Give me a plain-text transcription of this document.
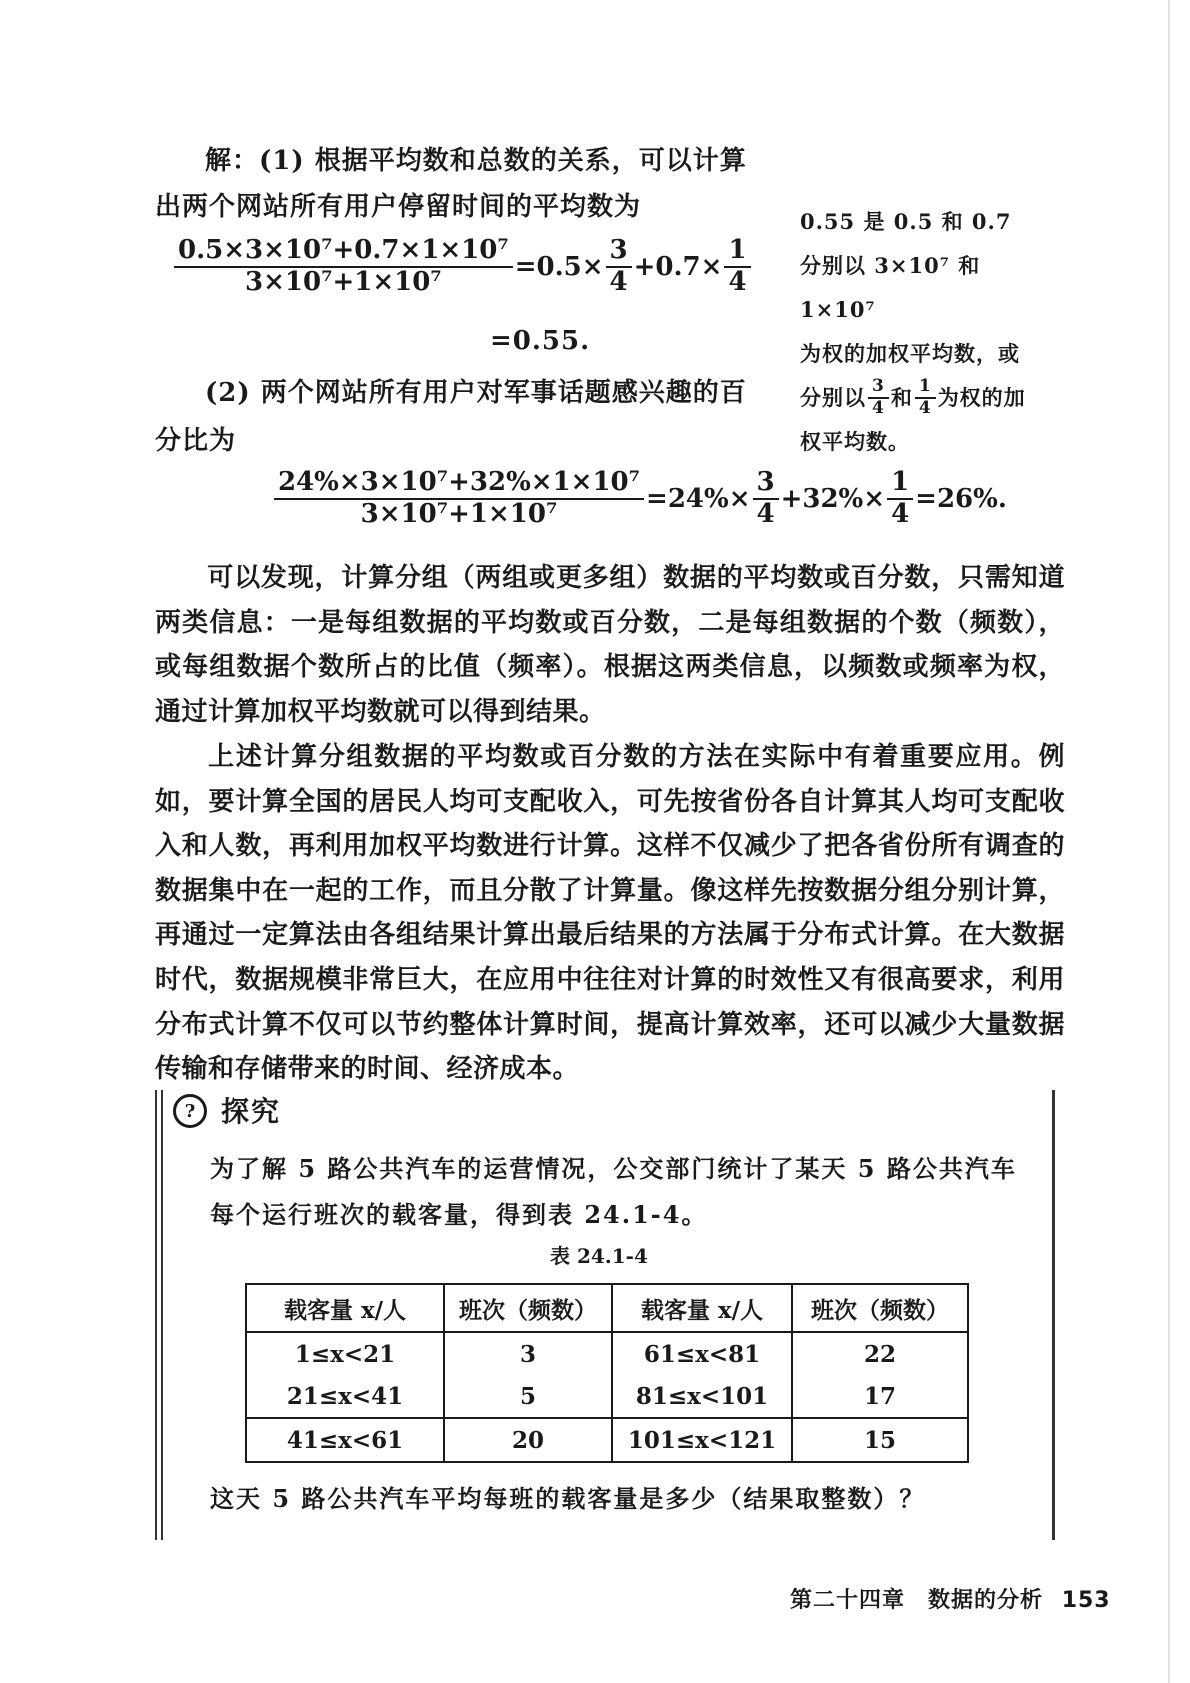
解：(1) 根据平均数和总数的关系，可以计算
出两个网站所有用户停留时间的平均数为
$\frac{\text{0.5×3×10⁷+0.7×1×10⁷}}{\text{3×10⁷+1×10⁷}} =0.5\times \frac{3}{4} +0.7\times \frac{1}{4}$
=0.55.
(2) 两个网站所有用户对军事话题感兴趣的百
分比为
$\frac{\text{24\%×3×10⁷+32\%×1×10⁷}}{\text{3×10⁷+1×10⁷}} =24\%\times \frac{3}{4} +32\%\times \frac{1}{4} =26\%$.
0.55 是 0.5 和 0.7
分别以 3×10⁷ 和 1×10⁷
为权的加权平均数，或
分别以 $\frac{3}{4}$ 和 $\frac{1}{4}$ 为权的加
权平均数。
可以发现，计算分组（两组或更多组）数据的平均数或百分数，只需知道两类信息：一是每组数据的平均数或百分数，二是每组数据的个数（频数），或每组数据个数所占的比值（频率）。根据这两类信息，以频数或频率为权，通过计算加权平均数就可以得到结果。
上述计算分组数据的平均数或百分数的方法在实际中有着重要应用。例如，要计算全国的居民人均可支配收入，可先按省份各自计算其人均可支配收入和人数，再利用加权平均数进行计算。这样不仅减少了把各省份所有调查的数据集中在一起的工作，而且分散了计算量。像这样先按数据分组分别计算，再通过一定算法由各组结果计算出最后结果的方法属于分布式计算。在大数据时代，数据规模非常巨大，在应用中往往对计算的时效性又有很高要求，利用分布式计算不仅可以节约整体计算时间，提高计算效率，还可以减少大量数据传输和存储带来的时间、经济成本。
? 探究
为了解 5 路公共汽车的运营情况，公交部门统计了某天 5 路公共汽车每个运行班次的载客量，得到表 24.1-4。
表 24.1-4
这天 5 路公共汽车平均每班的载客量是多少（结果取整数）？
载客量 x/人	班次（频数）	载客量 x/人	班次（频数）
1≤x<21	3	61≤x<81	22
21≤x<41	5	81≤x<101	17
41≤x<61	20	101≤x<121	15
第二十四章　数据的分析 153
